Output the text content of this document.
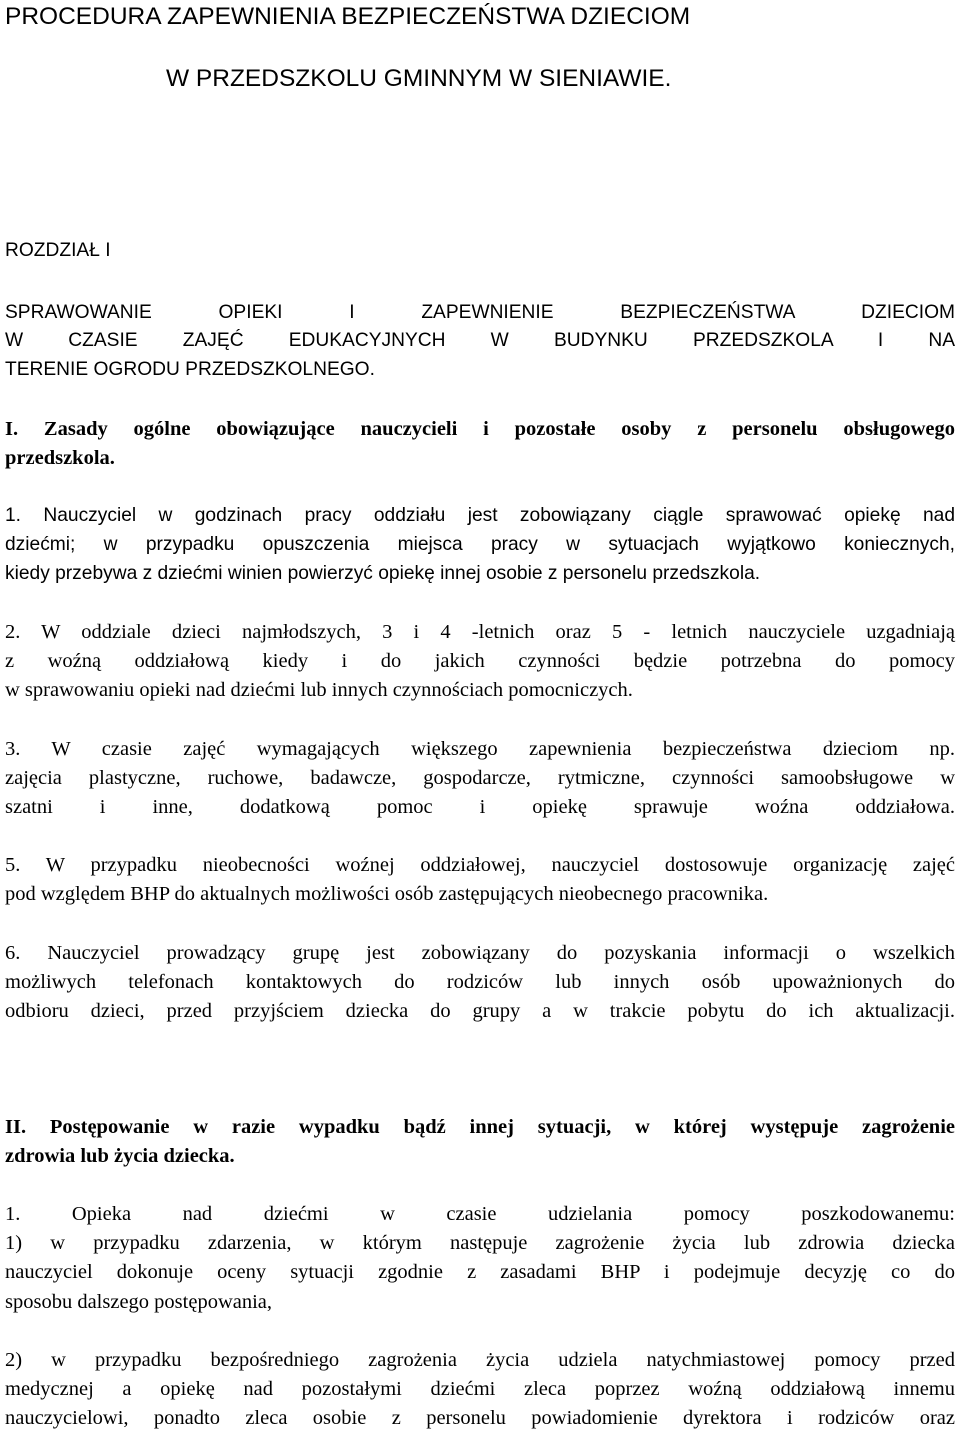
PROCEDURA ZAPEWNIENIA BEZPIECZEŃSTWA DZIECIOM
W PRZEDSZKOLU GMINNYM W SIENIAWIE.
ROZDZIAŁ I
SPRAWOWANIE OPIEKI I ZAPEWNIENIE BEZPIECZEŃSTWA DZIECIOM
W CZASIE ZAJĘĆ EDUKACYJNYCH W BUDYNKU PRZEDSZKOLA I NA
TERENIE OGRODU PRZEDSZKOLNEGO.
I. Zasady ogólne obowiązujące nauczycieli i pozostałe osoby z personelu obsługowego
przedszkola.
1. Nauczyciel w godzinach pracy oddziału jest zobowiązany ciągle sprawować opiekę nad
dziećmi; w przypadku opuszczenia miejsca pracy w sytuacjach wyjątkowo koniecznych,
kiedy przebywa z dziećmi winien powierzyć opiekę innej osobie z personelu przedszkola.
2. W oddziale dzieci najmłodszych, 3 i 4 -letnich oraz 5 - letnich nauczyciele uzgadniają
z woźną oddziałową kiedy i do jakich czynności będzie potrzebna do pomocy
w sprawowaniu opieki nad dziećmi lub innych czynnościach pomocniczych.
3. W czasie zajęć wymagających większego zapewnienia bezpieczeństwa dzieciom np.
zajęcia plastyczne, ruchowe, badawcze, gospodarcze, rytmiczne, czynności samoobsługowe w
szatni i inne, dodatkową pomoc i opiekę sprawuje woźna oddziałowa.
5. W przypadku nieobecności woźnej oddziałowej, nauczyciel dostosowuje organizację zajęć
pod względem BHP do aktualnych możliwości osób zastępujących nieobecnego pracownika.
6. Nauczyciel prowadzący grupę jest zobowiązany do pozyskania informacji o wszelkich
możliwych telefonach kontaktowych do rodziców lub innych osób upoważnionych do
odbioru dzieci, przed przyjściem dziecka do grupy a w trakcie pobytu do ich aktualizacji.
II. Postępowanie w razie wypadku bądź innej sytuacji, w której występuje zagrożenie
zdrowia lub życia dziecka.
1. Opieka nad dziećmi w czasie udzielania pomocy poszkodowanemu:
1) w przypadku zdarzenia, w którym następuje zagrożenie życia lub zdrowia dziecka
nauczyciel dokonuje oceny sytuacji zgodnie z zasadami BHP i podejmuje decyzję co do
sposobu dalszego postępowania,
2) w przypadku bezpośredniego zagrożenia życia udziela natychmiastowej pomocy przed
medycznej a opiekę nad pozostałymi dziećmi zleca poprzez woźną oddziałową innemu
nauczycielowi, ponadto zleca osobie z personelu powiadomienie dyrektora i rodziców oraz
